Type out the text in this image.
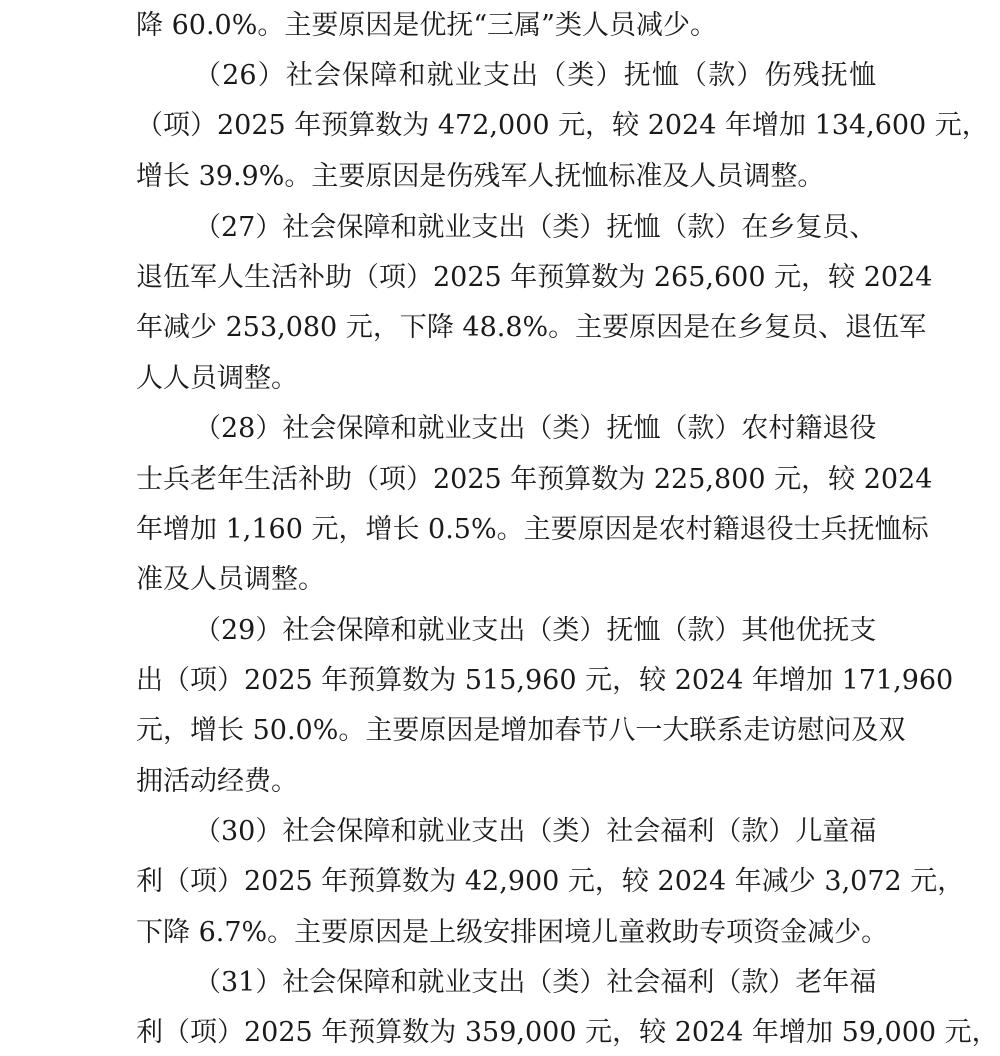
降 60.0%。主要原因是优抚“三属”类人员减少。
（26）社会保障和就业支出（类）抚恤（款）伤残抚恤
（项）2025 年预算数为 472,000 元，较 2024 年增加 134,600 元，
增长 39.9%。主要原因是伤残军人抚恤标准及人员调整。
（27）社会保障和就业支出（类）抚恤（款）在乡复员、
退伍军人生活补助（项）2025 年预算数为 265,600 元，较 2024
年减少 253,080 元，下降 48.8%。主要原因是在乡复员、退伍军
人人员调整。
（28）社会保障和就业支出（类）抚恤（款）农村籍退役
士兵老年生活补助（项）2025 年预算数为 225,800 元，较 2024
年增加 1,160 元，增长 0.5%。主要原因是农村籍退役士兵抚恤标
准及人员调整。
（29）社会保障和就业支出（类）抚恤（款）其他优抚支
出（项）2025 年预算数为 515,960 元，较 2024 年增加 171,960
元，增长 50.0%。主要原因是增加春节八一大联系走访慰问及双
拥活动经费。
（30）社会保障和就业支出（类）社会福利（款）儿童福
利（项）2025 年预算数为 42,900 元，较 2024 年减少 3,072 元，
下降 6.7%。主要原因是上级安排困境儿童救助专项资金减少。
（31）社会保障和就业支出（类）社会福利（款）老年福
利（项）2025 年预算数为 359,000 元，较 2024 年增加 59,000 元，
